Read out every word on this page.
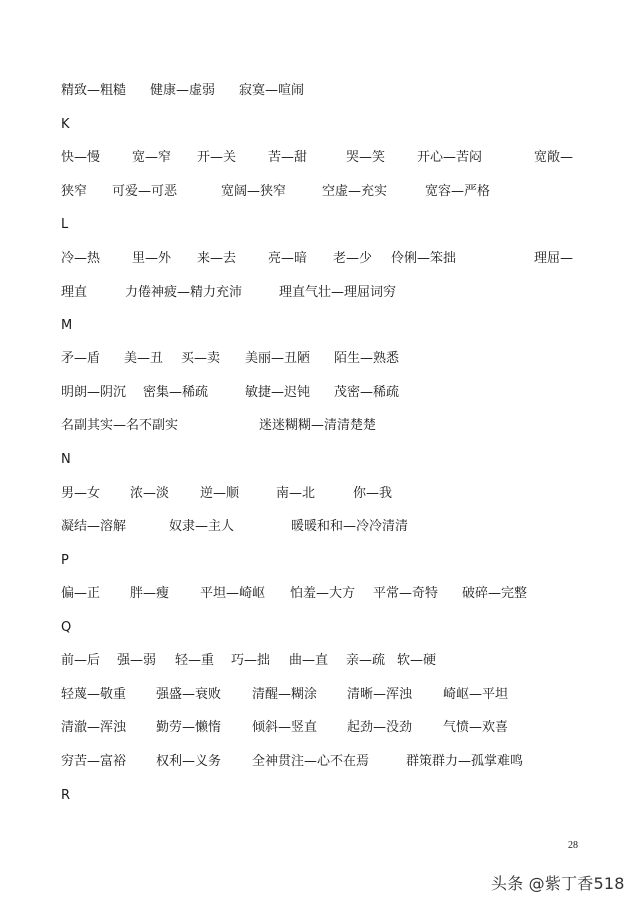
精致—粗糙 健康—虚弱 寂寞—喧闹
K
快—慢 宽—窄 开—关 苦—甜	哭—笑 开心—苦闷	宽敞—
狭窄 可爱—可恶	宽阔—狭窄	空虚—充实	宽容—严格
L
冷—热 里—外 来—去 亮—暗 老—少 伶俐—笨拙	理屈—
理直	力倦神疲—精力充沛	理直气壮—理屈词穷
M
矛—盾 美—丑 买—卖 美丽—丑陋 陌生—熟悉
明朗—阴沉 密集—稀疏	敏捷—迟钝 茂密—稀疏
名副其实—名不副实	迷迷糊糊—清清楚楚
N
男—女 浓—淡 逆—顺	南—北	你—我
凝结—溶解	奴隶—主人	暖暖和和—冷冷清清
P
偏—正 胖—瘦 平坦—崎岖 怕羞—大方 平常—奇特 破碎—完整
Q
前—后 强—弱 轻—重 巧—拙 曲—直 亲—疏 软—硬
轻蔑—敬重 强盛—衰败 清醒—糊涂 清晰—浑浊 崎岖—平坦
清澈—浑浊 勤劳—懒惰 倾斜—竖直 起劲—没劲 气愤—欢喜
穷苦—富裕 权利—义务 全神贯注—心不在焉	群策群力—孤掌难鸣
R
28
头条 @紫丁香518
